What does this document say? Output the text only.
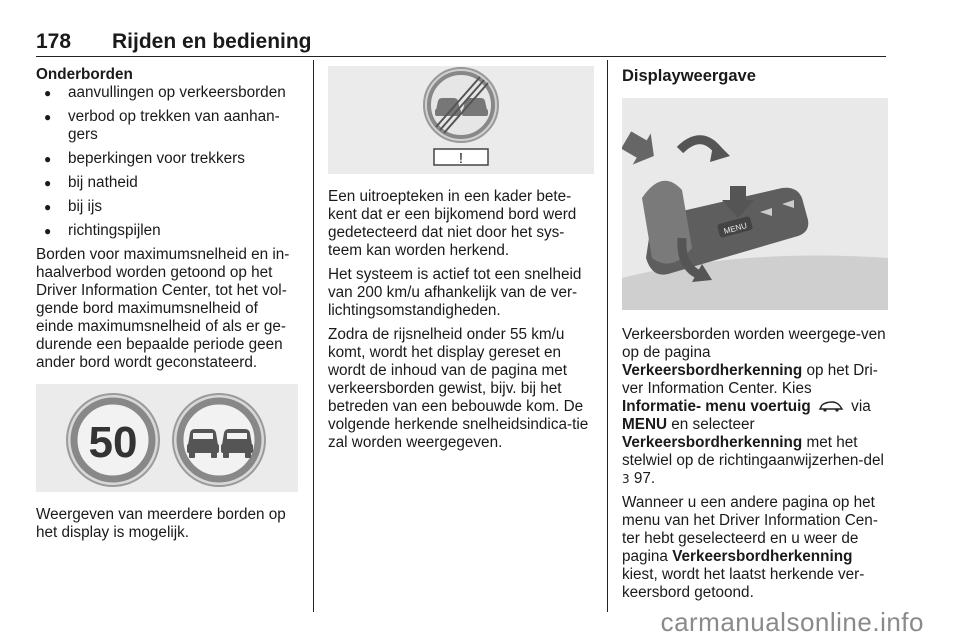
178 Rijden en bediening
Onderborden
● aanvullingen op verkeersborden
● verbod op trekken van aanhan-gers
● beperkingen voor trekkers
● bij natheid
● bij ijs
● richtingspijlen

Borden voor maximumsnelheid en in-haalverbod worden getoond op het Driver Information Center, tot het vol-gende bord maximumsnelheid of einde maximumsnelheid of als er ge-durende een bepaalde periode geen ander bord wordt geconstateerd.

50

Weergeven van meerdere borden op het display is mogelijk.

!

Een uitroepteken in een kader bete-kent dat er een bijkomend bord werd gedetecteerd dat niet door het sys-teem kan worden herkend.

Het systeem is actief tot een snelheid van 200 km/u afhankelijk van de ver-lichtingsomstandigheden.

Zodra de rijsnelheid onder 55 km/u komt, wordt het display gereset en wordt de inhoud van de pagina met verkeersborden gewist, bijv. bij het betreden van een bebouwde kom. De volgende herkende snelheidsindica-tie zal worden weergegeven.

Displayweergave
MENU

Verkeersborden worden weergege-ven op de pagina
Verkeersbordherkenning op het Dri-ver Information Center. Kies
Informatie- menu voertuig  via
MENU en selecteer
Verkeersbordherkenning met het stelwiel op de richtingaanwijzerhen-del 3 97.

Wanneer u een andere pagina op het menu van het Driver Information Cen-ter hebt geselecteerd en u weer de pagina Verkeersbordherkenning kiest, wordt het laatst herkende ver-keersbord getoond.

carmanualsonline.info
